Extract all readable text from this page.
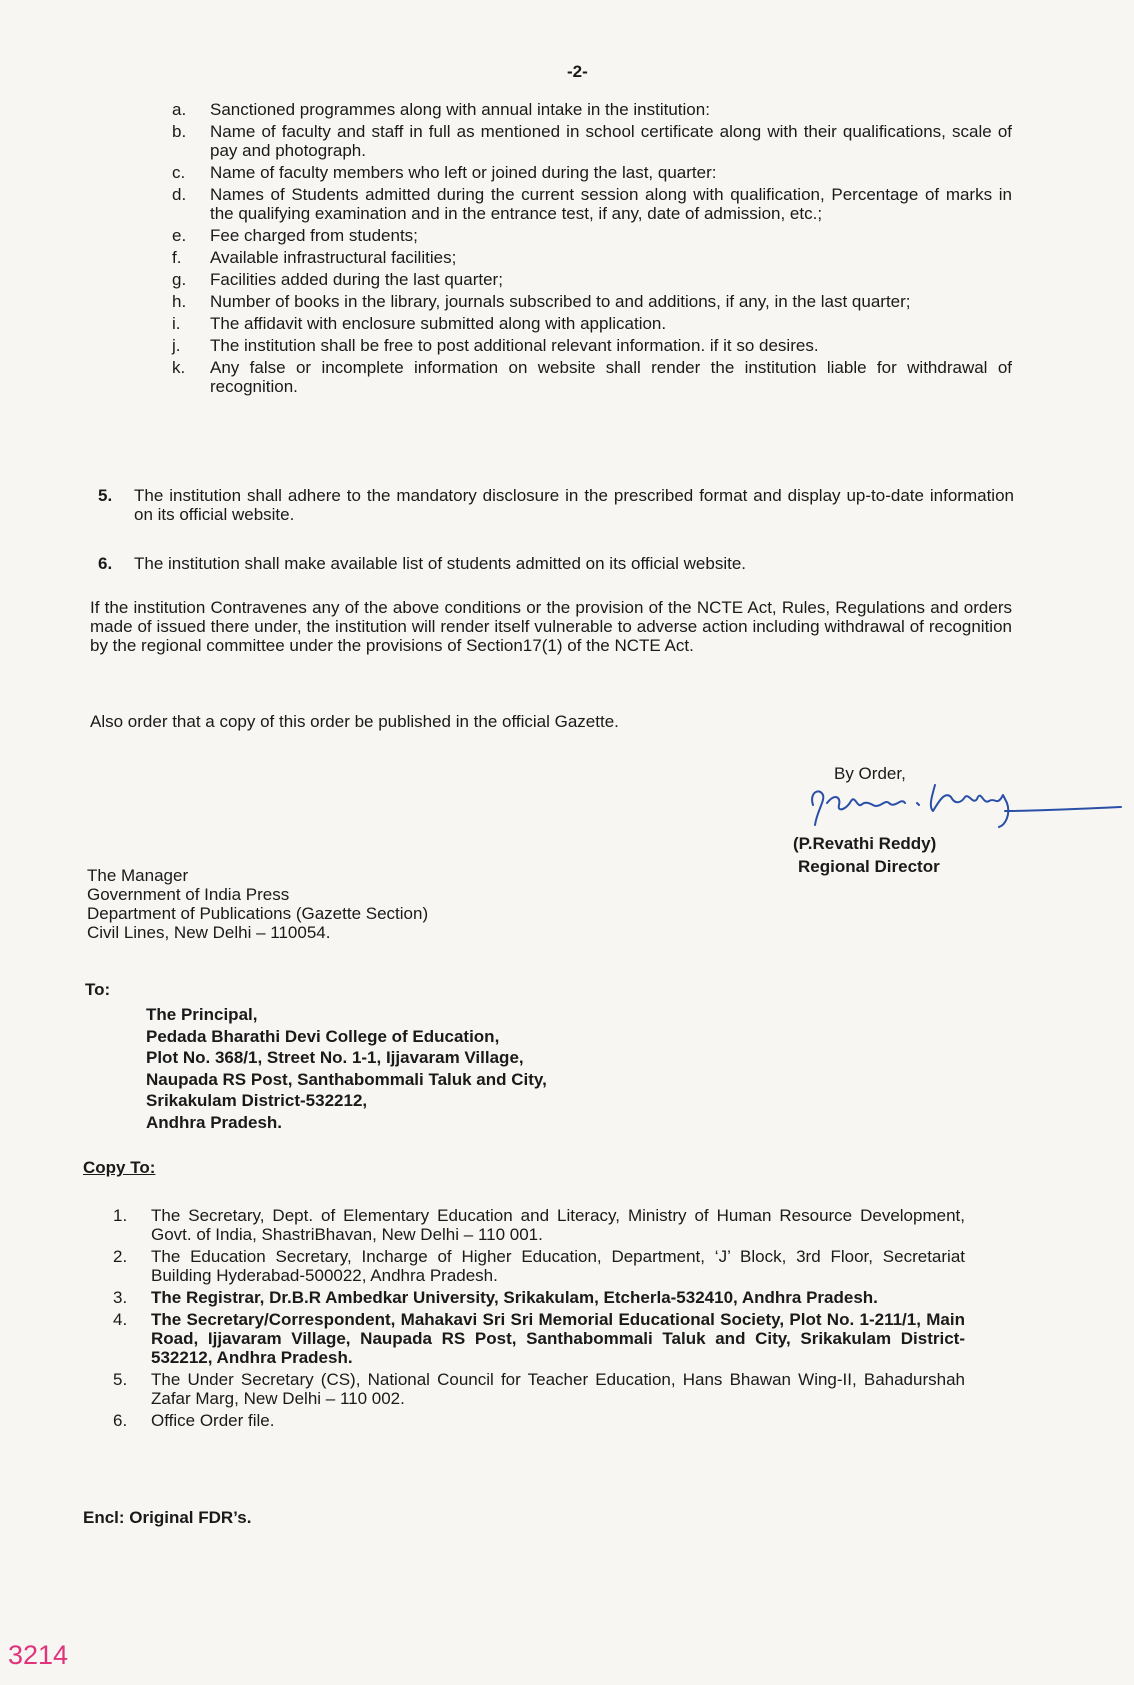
-2-
a.	Sanctioned programmes along with annual intake in the institution:
b.	Name of faculty and staff in full as mentioned in school certificate along with their qualifications, scale of pay and photograph.
c.	Name of faculty members who left or joined during the last, quarter:
d.	Names of Students admitted during the current session along with qualification, Percentage of marks in the qualifying examination and in the entrance test, if any, date of admission, etc.;
e.	Fee charged from students;
f.	Available infrastructural facilities;
g.	Facilities added during the last quarter;
h.	Number of books in the library, journals subscribed to and additions, if any, in the last quarter;
i.	The affidavit with enclosure submitted along with application.
j.	The institution shall be free to post additional relevant information. if it so desires.
k.	Any false or incomplete information on website shall render the institution liable for withdrawal of recognition.
5.	The institution shall adhere to the mandatory disclosure in the prescribed format and display up-to-date information on its official website.
6.	The institution shall make available list of students admitted on its official website.
If the institution Contravenes any of the above conditions or the provision of the NCTE Act, Rules, Regulations and orders made of issued there under, the institution will render itself vulnerable to adverse action including withdrawal of recognition by the regional committee under the provisions of Section17(1) of the NCTE Act.
Also order that a copy of this order be published in the official Gazette.
By Order,
(P.Revathi Reddy)
Regional Director
The Manager
Government of India Press
Department of Publications (Gazette Section)
Civil Lines, New Delhi – 110054.
To:
The Principal,
Pedada Bharathi Devi College of Education,
Plot No. 368/1, Street No. 1-1, Ijjavaram Village,
Naupada RS Post, Santhabommali Taluk and City,
Srikakulam District-532212,
Andhra Pradesh.
Copy To:
1.	The Secretary, Dept. of Elementary Education and Literacy, Ministry of Human Resource Development, Govt. of India, ShastriBhavan, New Delhi – 110 001.
2.	The Education Secretary, Incharge of Higher Education, Department, ‘J’ Block, 3rd Floor, Secretariat Building Hyderabad-500022, Andhra Pradesh.
3.	The Registrar, Dr.B.R Ambedkar University, Srikakulam, Etcherla-532410, Andhra Pradesh.
4.	The Secretary/Correspondent, Mahakavi Sri Sri Memorial Educational Society, Plot No. 1-211/1, Main Road, Ijjavaram Village, Naupada RS Post, Santhabommali Taluk and City, Srikakulam District-532212, Andhra Pradesh.
5.	The Under Secretary (CS), National Council for Teacher Education, Hans Bhawan Wing-II, Bahadurshah Zafar Marg, New Delhi – 110 002.
6.	Office Order file.
Encl: Original FDR’s.
3214
